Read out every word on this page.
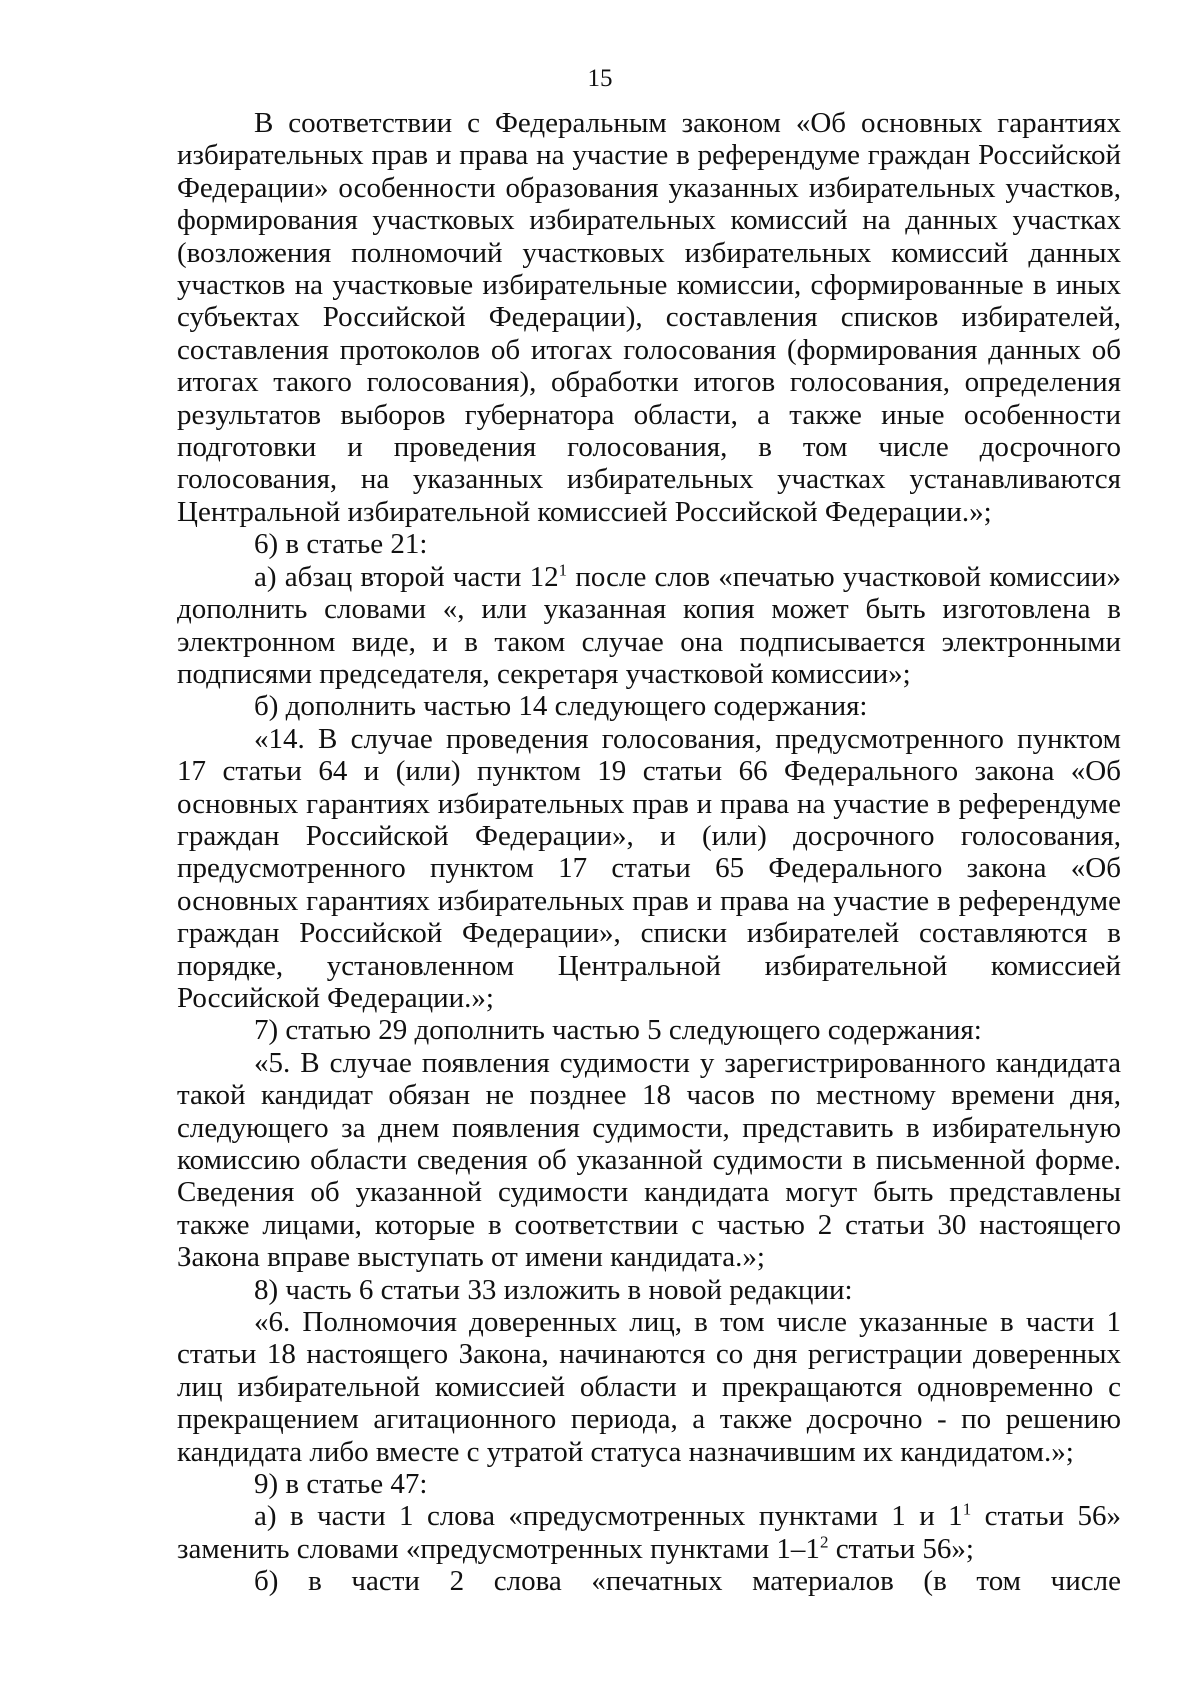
15

В соответствии с Федеральным законом «Об основных гарантиях избирательных прав и права на участие в референдуме граждан Российской Федерации» особенности образования указанных избирательных участков, формирования участковых избирательных комиссий на данных участках (возложения полномочий участковых избирательных комиссий данных участков на участковые избирательные комиссии, сформированные в иных субъектах Российской Федерации), составления списков избирателей, составления протоколов об итогах голосования (формирования данных об итогах такого голосования), обработки итогов голосования, определения результатов выборов губернатора области, а также иные особенности подготовки и проведения голосования, в том числе досрочного голосования, на указанных избирательных участках устанавливаются Центральной избирательной комиссией Российской Федерации.»;

6) в статье 21:

а) абзац второй части $12^1$ после слов «печатью участковой комиссии» дополнить словами «, или указанная копия может быть изготовлена в электронном виде, и в таком случае она подписывается электронными подписями председателя, секретаря участковой комиссии»;

б) дополнить частью 14 следующего содержания:

«14. В случае проведения голосования, предусмотренного пунктом 17 статьи 64 и (или) пунктом 19 статьи 66 Федерального закона «Об основных гарантиях избирательных прав и права на участие в референдуме граждан Российской Федерации», и (или) досрочного голосования, предусмотренного пунктом 17 статьи 65 Федерального закона «Об основных гарантиях избирательных прав и права на участие в референдуме граждан Российской Федерации», списки избирателей составляются в порядке, установленном Центральной избирательной комиссией Российской Федерации.»;

7) статью 29 дополнить частью 5 следующего содержания:

«5. В случае появления судимости у зарегистрированного кандидата такой кандидат обязан не позднее 18 часов по местному времени дня, следующего за днем появления судимости, представить в избирательную комиссию области сведения об указанной судимости в письменной форме. Сведения об указанной судимости кандидата могут быть представлены также лицами, которые в соответствии с частью 2 статьи 30 настоящего Закона вправе выступать от имени кандидата.»;

8) часть 6 статьи 33 изложить в новой редакции:

«6. Полномочия доверенных лиц, в том числе указанные в части 1 статьи 18 настоящего Закона, начинаются со дня регистрации доверенных лиц избирательной комиссией области и прекращаются одновременно с прекращением агитационного периода, а также досрочно - по решению кандидата либо вместе с утратой статуса назначившим их кандидатом.»;

9) в статье 47:

а) в части 1 слова «предусмотренных пунктами 1 и $1^1$ статьи 56» заменить словами «предусмотренных пунктами $1-1^2$ статьи 56»;

б) в части 2 слова «печатных материалов (в том числе
